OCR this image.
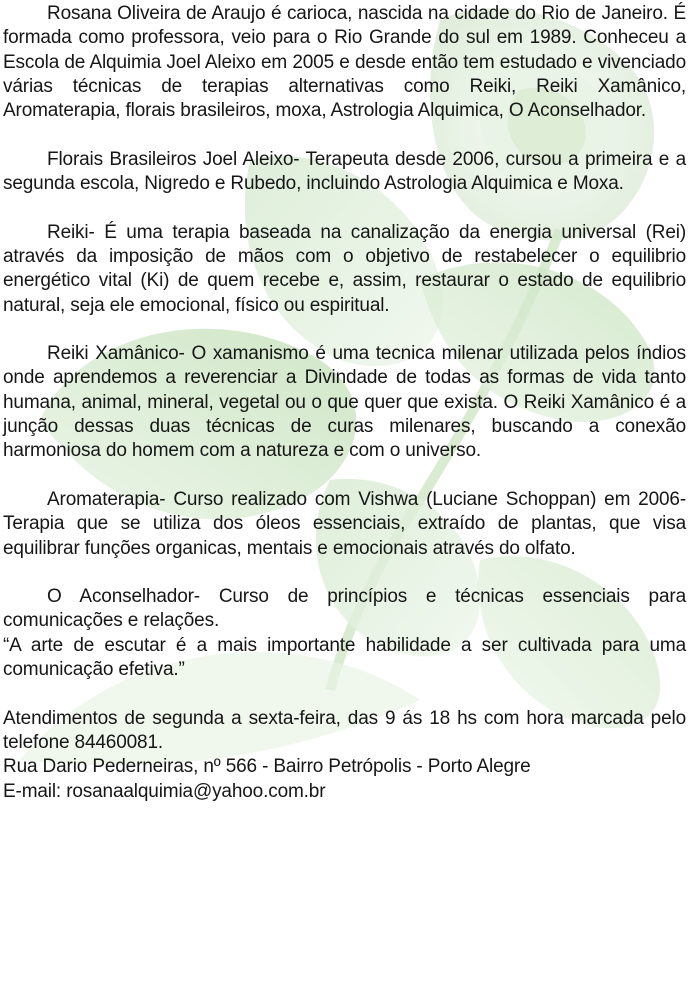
Rosana Oliveira de Araujo é carioca, nascida na cidade do Rio de Janeiro. É formada como professora, veio para o Rio Grande do sul em 1989. Conheceu a Escola de Alquimia Joel Aleixo em 2005 e desde então tem estudado e vivenciado várias técnicas de terapias alternativas como Reiki, Reiki Xamânico, Aromaterapia, florais brasileiros, moxa, Astrologia Alquimica, O Aconselhador.

Florais Brasileiros Joel Aleixo- Terapeuta desde 2006, cursou a primeira e a segunda escola, Nigredo e Rubedo, incluindo Astrologia Alquimica e Moxa.

Reiki- É uma terapia baseada na canalização da energia universal (Rei) através da imposição de mãos com o objetivo de restabelecer o equilibrio energético vital (Ki) de quem recebe e, assim, restaurar o estado de equilibrio natural, seja ele emocional, físico ou espiritual.

Reiki Xamânico- O xamanismo é uma tecnica milenar utilizada pelos índios onde aprendemos a reverenciar a Divindade de todas as formas de vida tanto humana, animal, mineral, vegetal ou o que quer que exista. O Reiki Xamânico é a junção dessas duas técnicas de curas milenares, buscando a conexão harmoniosa do homem com a natureza e com o universo.

Aromaterapia- Curso realizado com Vishwa (Luciane Schoppan) em 2006- Terapia que se utiliza dos óleos essenciais, extraído de plantas, que visa equilibrar funções organicas, mentais e emocionais através do olfato.

O Aconselhador- Curso de princípios e técnicas essenciais para comunicações e relações.

“A arte de escutar é a mais importante habilidade a ser cultivada para uma comunicação efetiva.”

Atendimentos de segunda a sexta-feira, das 9 ás 18 hs com hora marcada pelo telefone 84460081.

Rua Dario Pederneiras, nº 566 - Bairro Petrópolis - Porto Alegre

E-mail: rosanaalquimia@yahoo.com.br
